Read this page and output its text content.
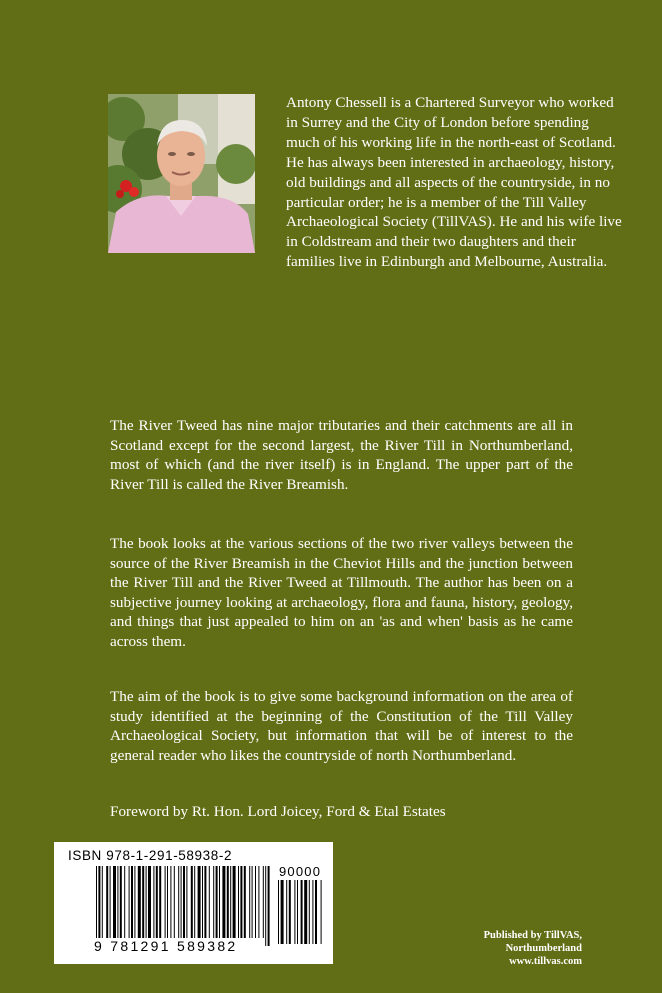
Antony Chessell is a Chartered Surveyor who worked in Surrey and the City of London before spending much of his working life in the north-east of Scotland. He has always been interested in archaeology, history, old buildings and all aspects of the countryside, in no particular order; he is a member of the Till Valley Archaeological Society (TillVAS). He and his wife live in Coldstream and their two daughters and their families live in Edinburgh and Melbourne, Australia.

The River Tweed has nine major tributaries and their catchments are all in Scotland except for the second largest, the River Till in Northumberland, most of which (and the river itself) is in England. The upper part of the River Till is called the River Breamish.

The book looks at the various sections of the two river valleys between the source of the River Breamish in the Cheviot Hills and the junction between the River Till and the River Tweed at Tillmouth. The author has been on a subjective journey looking at archaeology, flora and fauna, history, geology, and things that just appealed to him on an 'as and when' basis as he came across them.

The aim of the book is to give some background information on the area of study identified at the beginning of the Constitution of the Till Valley Archaeological Society, but information that will be of interest to the general reader who likes the countryside of north Northumberland.

Foreword by Rt. Hon. Lord Joicey, Ford & Etal Estates

ISBN 978-1-291-58938-2
90000
9 781291 589382
Published by TillVAS,
Northumberland
www.tillvas.com
